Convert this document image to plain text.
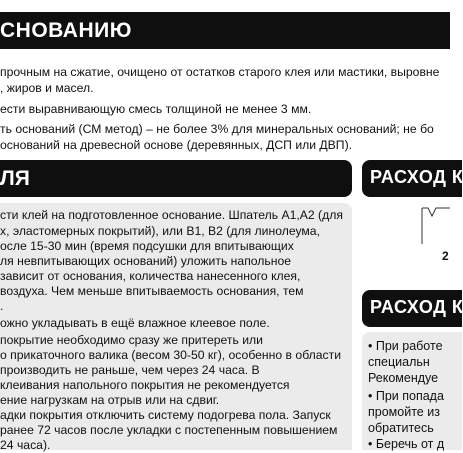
СНОВАНИЮ
прочным на сжатие, очищено от остатков старого клея или мастики, выровне
, жиров и масел.
ести выравнивающую смесь толщиной не менее 3 мм.
ть оснований (СМ метод) – не более 3% для минеральных оснований; не бо
оснований на древесной основе (деревянных, ДСП или ДВП).
ЛЯ	РАСХОД К
РАСХОД К
2
сти клей на подготовленное основание. Шпатель А1,А2 (для
х, эластомерных покрытий), или В1, В2 (для линолеума,
осле 15-30 мин (время подсушки для впитывающих
ля невпитывающих оснований) уложить напольное
зависит от основания, количества нанесенного клея,
воздуха. Чем меньше впитываемость основания, тем
.
ожно укладывать в ещё влажное клеевое поле.
покрытие необходимо сразу же притереть или
о прикаточного валика (весом 30-50 кг), особенно в области
производить не раньше, чем через 24 часа. В
клеивания напольного покрытия не рекомендуется
ение нагрузкам на отрыв или на сдвиг.
адки покрытия отключить систему подогрева пола. Запуск
ранее 72 часов после укладки с постепенным повышением
24 часа).
• При работе
специальн
Рекомендуе
• При попада
промойте из
обратитесь
• Беречь от д
